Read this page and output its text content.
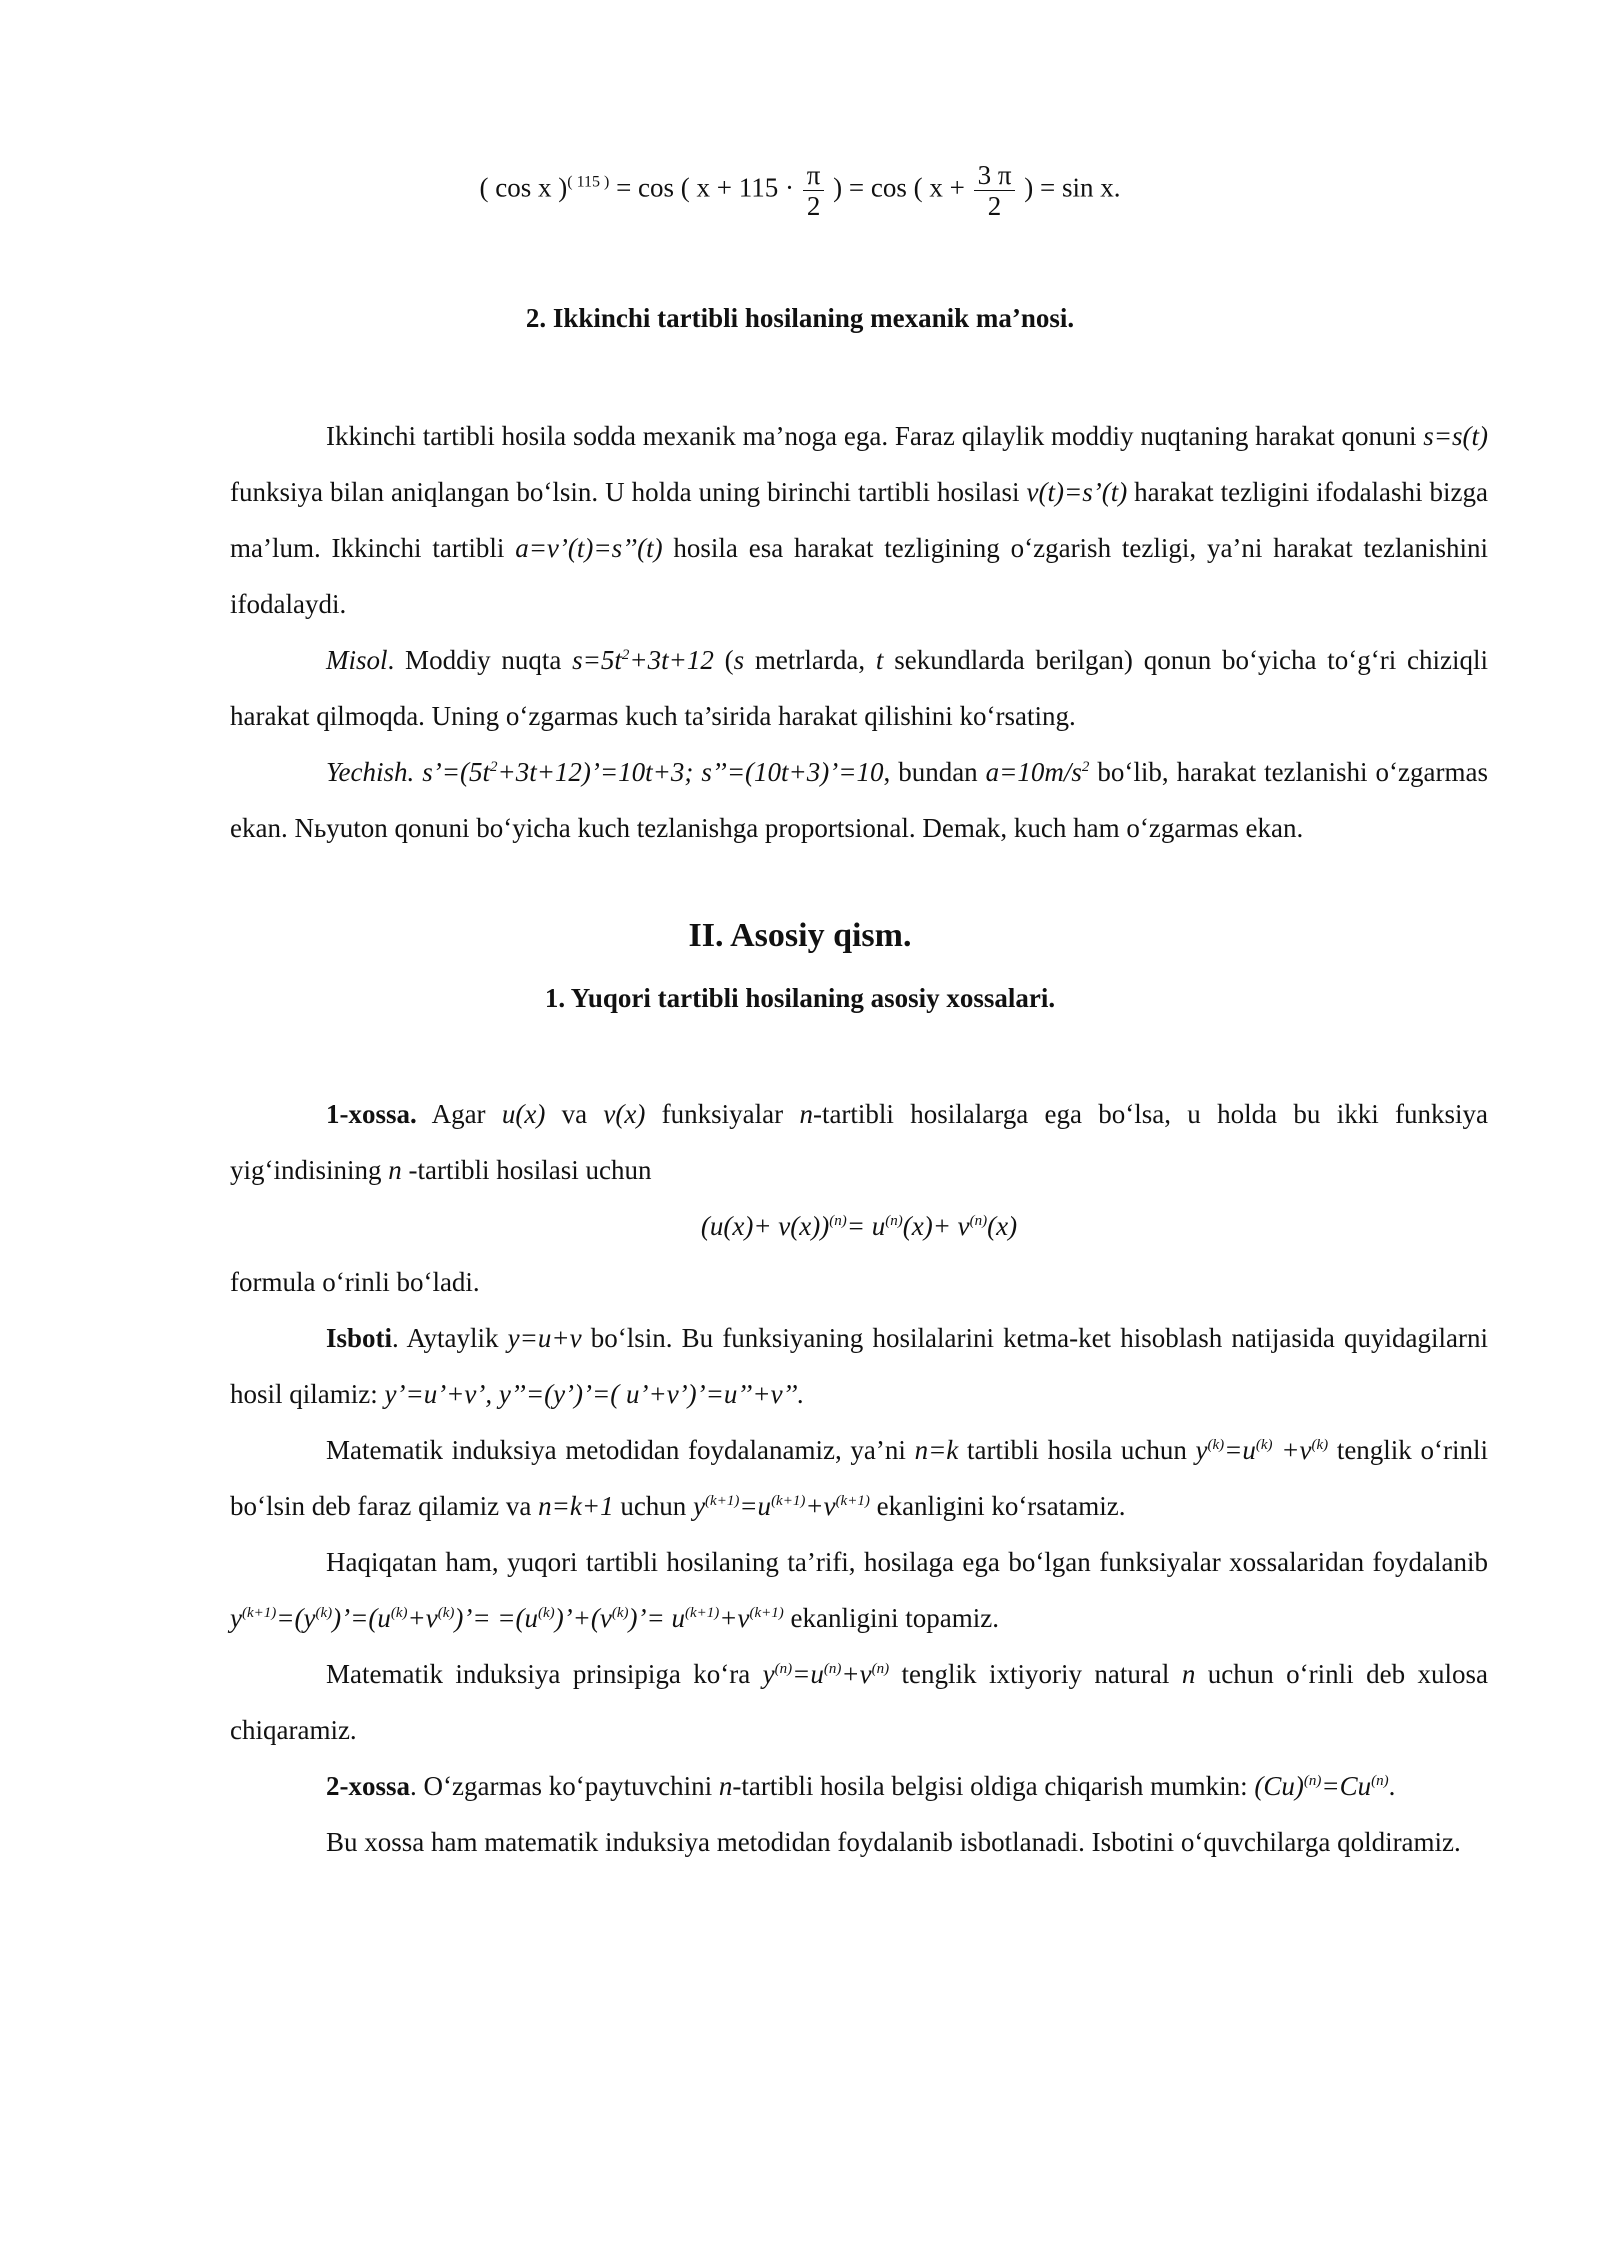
( cos x )$^{( 115 )}$ = cos ( $x + 115 \cdot \frac{\pi}{2}$ ) = cos ( $x + \frac{3 \pi}{2}$ ) = sin x.
2. Ikkinchi tartibli hosilaning mexanik ma’nosi.

Ikkinchi tartibli hosila sodda mexanik ma’noga ega. Faraz qilaylik moddiy nuqtaning harakat qonuni s=s(t) funksiya bilan aniqlangan bo‘lsin. U holda uning birinchi tartibli hosilasi v(t)=s’(t) harakat tezligini ifodalashi bizga ma’lum. Ikkinchi tartibli a=v’(t)=s’’(t) hosila esa harakat tezligining o‘zgarish tezligi, ya’ni harakat tezlanishini ifodalaydi.

Misol. Moddiy nuqta $s=5t^2+3t+12$ (s metrlarda, t sekundlarda berilgan) qonun bo‘yicha to‘g‘ri chiziqli harakat qilmoqda. Uning o‘zgarmas kuch ta’sirida harakat qilishini ko‘rsating.

Yechish. $s’=(5t^2+3t+12)’=10t+3$; s’’=(10t+3)’=10, bundan $a=10m/s^2$ bo‘lib, harakat tezlanishi o‘zgarmas ekan. Nьyuton qonuni bo‘yicha kuch tezlanishga proportsional. Demak, kuch ham o‘zgarmas ekan.

II. Asosiy qism.
1. Yuqori tartibli hosilaning asosiy xossalari.

1-xossa. Agar u(x) va v(x) funksiyalar n-tartibli hosilalarga ega bo‘lsa, u holda bu ikki funksiya yig‘indisining n -tartibli hosilasi uchun

$(u(x)+ v(x))^{(n)}= u^{(n)}(x)+ v^{(n)}(x)$

formula o‘rinli bo‘ladi.

Isboti. Aytaylik y=u+v bo‘lsin. Bu funksiyaning hosilalarini ketma-ket hisoblash natijasida quyidagilarni hosil qilamiz: y’=u’+v’, y’’=(y’)’=( u’+v’)’=u’’+v’’.

Matematik induksiya metodidan foydalanamiz, ya’ni n=k tartibli hosila uchun $y^{(k)}=u^{(k)} +v^{(k)}$ tenglik o‘rinli bo‘lsin deb faraz qilamiz va n=k+1 uchun $y^{(k+1)}=u^{(k+1)}+v^{(k+1)}$ ekanligini ko‘rsatamiz.

Haqiqatan ham, yuqori tartibli hosilaning ta’rifi, hosilaga ega bo‘lgan funksiyalar xossalaridan foydalanib $y^{(k+1)}=(y^{(k)})’=(u^{(k)}+v^{(k)})’=$ $=(u^{(k)})’+(v^{(k)})’= u^{(k+1)}+v^{(k+1)}$ ekanligini topamiz.

Matematik induksiya prinsipiga ko‘ra $y^{(n)}=u^{(n)}+v^{(n)}$ tenglik ixtiyoriy natural n uchun o‘rinli deb xulosa chiqaramiz.

2-xossa. O‘zgarmas ko‘paytuvchini n-tartibli hosila belgisi oldiga chiqarish mumkin: $(Cu)^{(n)}=Cu^{(n)}$.

Bu xossa ham matematik induksiya metodidan foydalanib isbotlanadi. Isbotini o‘quvchilarga qoldiramiz.
